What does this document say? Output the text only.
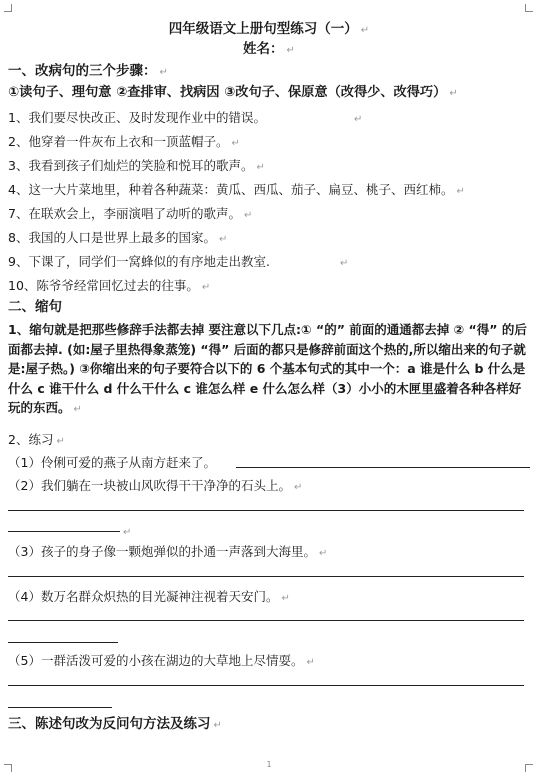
四年级语文上册句型练习（一） ↵
姓名： ↵
一、改病句的三个步骤： ↵
①读句子、理句意 ②查排审、找病因 ③改句子、保原意（改得少、改得巧） ↵
1、我们要尽快改正、及时发现作业中的错误。	↵
2、他穿着一件灰布上衣和一顶蓝帽子。 ↵
3、我看到孩子们灿烂的笑脸和悦耳的歌声。 ↵
4、这一大片菜地里，种着各种蔬菜：黄瓜、西瓜、茄子、扁豆、桃子、西红柿。 ↵
7、在联欢会上，李丽演唱了动听的歌声。 ↵
8、我国的人口是世界上最多的国家。 ↵
9、下课了，同学们一窝蜂似的有序地走出教室.	↵
10、陈爷爷经常回忆过去的往事。 ↵
二、缩句
1、缩句就是把那些修辞手法都去掉 要注意以下几点:① “的” 前面的通通都去掉 ② “得” 的后面都去掉. (如:屋子里热得象蒸笼) “得” 后面的都只是修辞前面这个热的,所以缩出来的句子就是:屋子热。) ③你缩出来的句子要符合以下的 6 个基本句式的其中一个：a 谁是什么 b 什么是什么 c 谁干什么 d 什么干什么 c 谁怎么样 e 什么怎么样（3）小小的木匣里盛着各种各样好玩的东西。 ↵
2、练习 ↵
（1）伶俐可爱的燕子从南方赶来了。
（2）我们躺在一块被山风吹得干干净净的石头上。 ↵
↵
（3）孩子的身子像一颗炮弹似的扑通一声落到大海里。 ↵
（4）数万名群众炽热的目光凝神注视着天安门。 ↵
（5）一群活泼可爱的小孩在湖边的大草地上尽情耍。 ↵
三、陈述句改为反问句方法及练习 ↵
1
